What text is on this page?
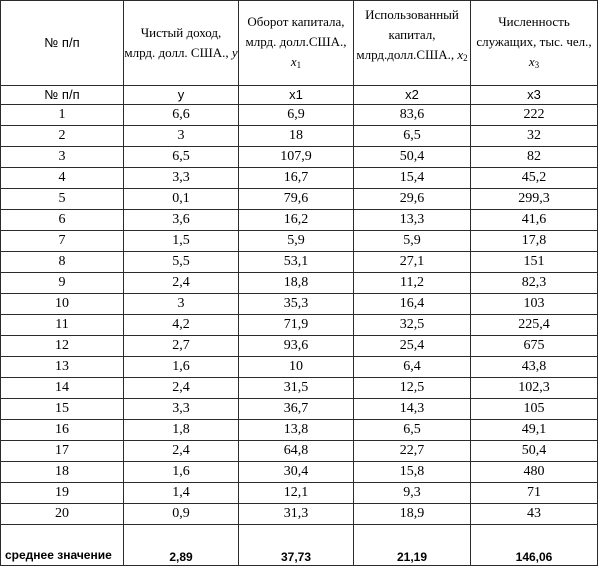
№ п/п	Чистый доход, млрд. долл. США., y	Оборот капитала, млрд. долл.США., $x_1$	Использованный капитал, млрд.долл.США., $x_2$	Численность служащих, тыс. чел., $x_3$

№ п/п	y	x1	x2	x3
1	6,6	6,9	83,6	222
2	3	18	6,5	32
3	6,5	107,9	50,4	82
4	3,3	16,7	15,4	45,2
5	0,1	79,6	29,6	299,3
6	3,6	16,2	13,3	41,6
7	1,5	5,9	5,9	17,8
8	5,5	53,1	27,1	151
9	2,4	18,8	11,2	82,3
10	3	35,3	16,4	103
11	4,2	71,9	32,5	225,4
12	2,7	93,6	25,4	675
13	1,6	10	6,4	43,8
14	2,4	31,5	12,5	102,3
15	3,3	36,7	14,3	105
16	1,8	13,8	6,5	49,1
17	2,4	64,8	22,7	50,4
18	1,6	30,4	15,8	480
19	1,4	12,1	9,3	71
20	0,9	31,3	18,9	43
среднее значение	2,89	37,73	21,19	146,06
